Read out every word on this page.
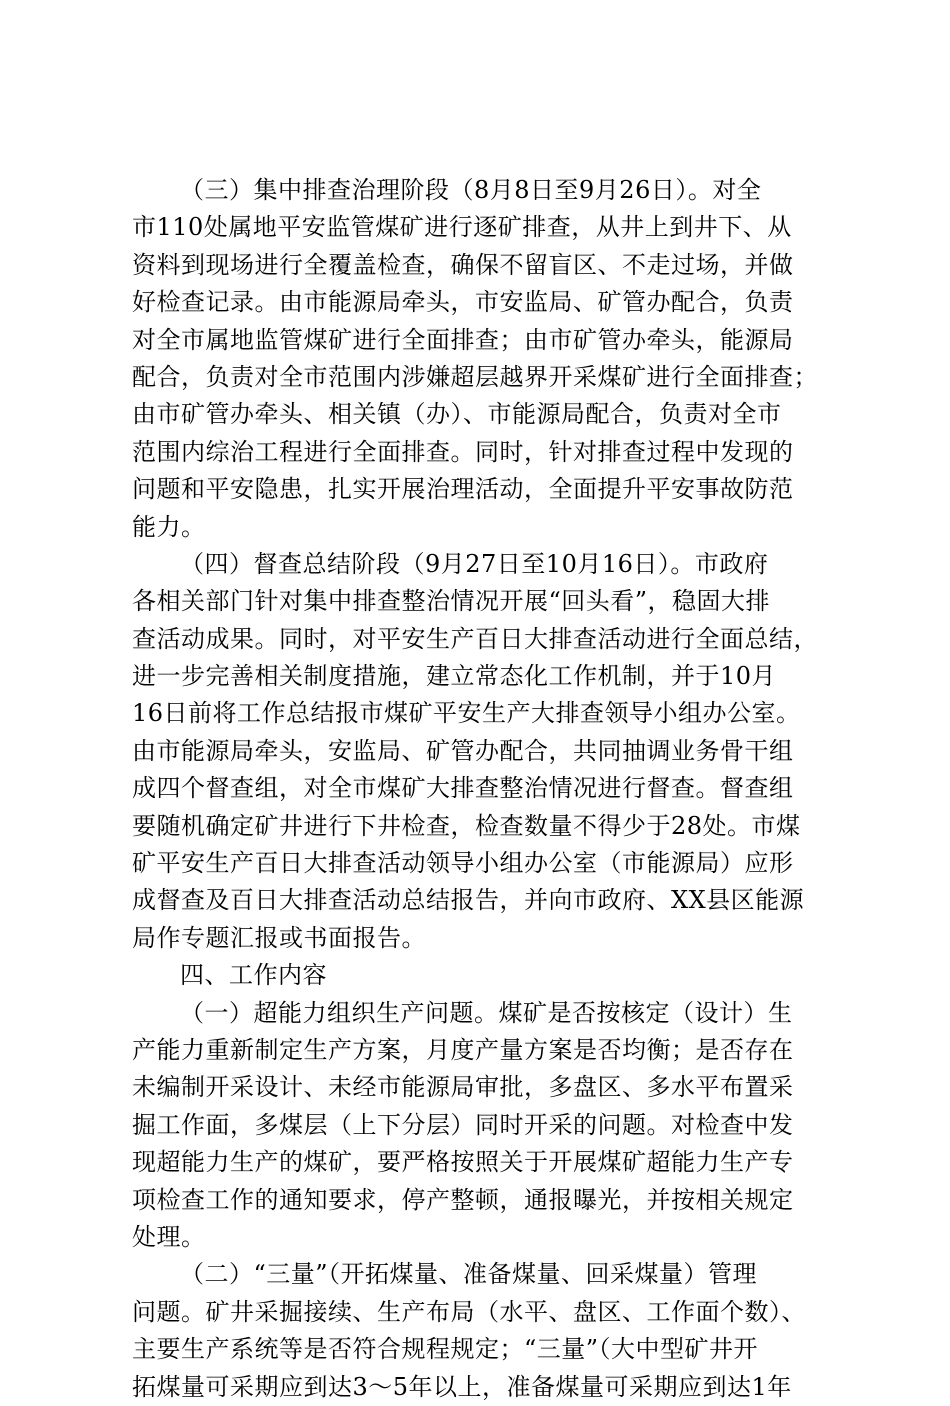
（三）集中排查治理阶段（8月8日至9月26日）。对全
市110处属地平安监管煤矿进行逐矿排查，从井上到井下、从
资料到现场进行全覆盖检查，确保不留盲区、不走过场，并做
好检查记录。由市能源局牵头，市安监局、矿管办配合，负责
对全市属地监管煤矿进行全面排查；由市矿管办牵头，能源局
配合，负责对全市范围内涉嫌超层越界开采煤矿进行全面排查；
由市矿管办牵头、相关镇（办）、市能源局配合，负责对全市
范围内综治工程进行全面排查。同时，针对排查过程中发现的
问题和平安隐患，扎实开展治理活动，全面提升平安事故防范
能力。
（四）督查总结阶段（9月27日至10月16日）。市政府
各相关部门针对集中排查整治情况开展“回头看”，稳固大排
查活动成果。同时，对平安生产百日大排查活动进行全面总结，
进一步完善相关制度措施，建立常态化工作机制，并于10月
16日前将工作总结报市煤矿平安生产大排查领导小组办公室。
由市能源局牵头，安监局、矿管办配合，共同抽调业务骨干组
成四个督查组，对全市煤矿大排查整治情况进行督查。督查组
要随机确定矿井进行下井检查，检查数量不得少于28处。市煤
矿平安生产百日大排查活动领导小组办公室（市能源局）应形
成督查及百日大排查活动总结报告，并向市政府、XX县区能源
局作专题汇报或书面报告。
四、工作内容
（一）超能力组织生产问题。煤矿是否按核定（设计）生
产能力重新制定生产方案，月度产量方案是否均衡；是否存在
未编制开采设计、未经市能源局审批，多盘区、多水平布置采
掘工作面，多煤层（上下分层）同时开采的问题。对检查中发
现超能力生产的煤矿，要严格按照关于开展煤矿超能力生产专
项检查工作的通知要求，停产整顿，通报曝光，并按相关规定
处理。
（二）“三量”（开拓煤量、准备煤量、回采煤量）管理
问题。矿井采掘接续、生产布局（水平、盘区、工作面个数）、
主要生产系统等是否符合规程规定；“三量”（大中型矿井开
拓煤量可采期应到达3～5年以上，准备煤量可采期应到达1年
